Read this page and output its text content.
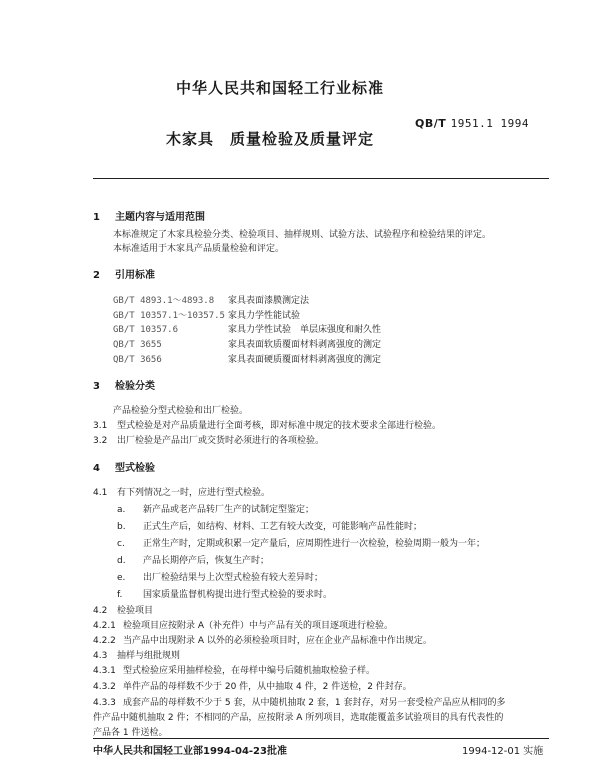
中华人民共和国轻工行业标准
QB/T 1951.1 1994
木家具　质量检验及质量评定
1 主题内容与适用范围
本标准规定了木家具检验分类、检验项目、抽样规则、试验方法、试验程序和检验结果的评定。
本标准适用于木家具产品质量检验和评定。
2 引用标准
GB/T 4893.1～4893.8 家具表面漆膜测定法
GB/T 10357.1～10357.5 家具力学性能试验
GB/T 10357.6	家具力学性试验　单层床强度和耐久性
QB/T 3655	家具表面软质覆面材料剥离强度的测定
QB/T 3656	家具表面硬质覆面材料剥离强度的测定
3 检验分类
产品检验分型式检验和出厂检验。
3.1 型式检验是对产品质量进行全面考核，即对标准中规定的技术要求全部进行检验。
3.2 出厂检验是产品出厂或交货时必须进行的各项检验。
4 型式检验
4.1 有下列情况之一时，应进行型式检验。
a. 新产品或老产品转厂生产的试制定型鉴定；
b. 正式生产后，如结构、材料、工艺有较大改变，可能影响产品性能时；
c. 正常生产时，定期或积累一定产量后，应周期性进行一次检验，检验周期一般为一年；
d. 产品长期停产后，恢复生产时；
e. 出厂检验结果与上次型式检验有较大差异时；
f. 国家质量监督机构提出进行型式检验的要求时。
4.2 检验项目
4.2.1 检验项目应按附录 A（补充件）中与产品有关的项目逐项进行检验。
4.2.2 当产品中出现附录 A 以外的必须检验项目时，应在企业产品标准中作出规定。
4.3 抽样与组批规则
4.3.1 型式检验应采用抽样检验，在母样中编号后随机抽取检验子样。
4.3.2 单件产品的母样数不少于 20 件，从中抽取 4 件，2 件送检，2 件封存。
4.3.3 成套产品的母样数不少于 5 套，从中随机抽取 2 套，1 套封存，对另一套受检产品应从相同的多
件产品中随机抽取 2 件；不相同的产品，应按附录 A 所列项目，选取能覆盖多试验项目的具有代表性的
产品各 1 件送检。
中华人民共和国轻工业部1994-04-23批准	1994-12-01 实施
